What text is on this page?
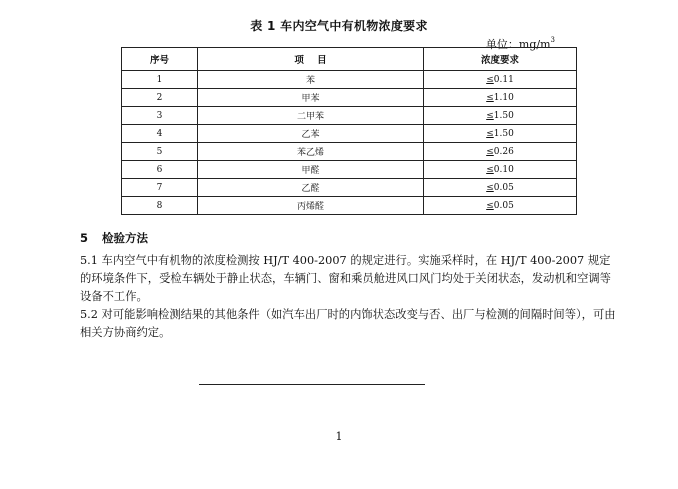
表 1 车内空气中有机物浓度要求
单位：$mg/m^3$
序号	项    目	浓度要求
1	苯	≤0.11
2	甲苯	≤1.10
3	二甲苯	≤1.50
4	乙苯	≤1.50
5	苯乙烯	≤0.26
6	甲醛	≤0.10
7	乙醛	≤0.05
8	丙烯醛	≤0.05
5 检验方法
5.1 车内空气中有机物的浓度检测按 HJ/T 400-2007 的规定进行。实施采样时，在 HJ/T 400-2007 规定的环境条件下，受检车辆处于静止状态，车辆门、窗和乘员舱进风口风门均处于关闭状态，发动机和空调等设备不工作。
5.2 对可能影响检测结果的其他条件（如汽车出厂时的内饰状态改变与否、出厂与检测的间隔时间等），可由相关方协商约定。
1
